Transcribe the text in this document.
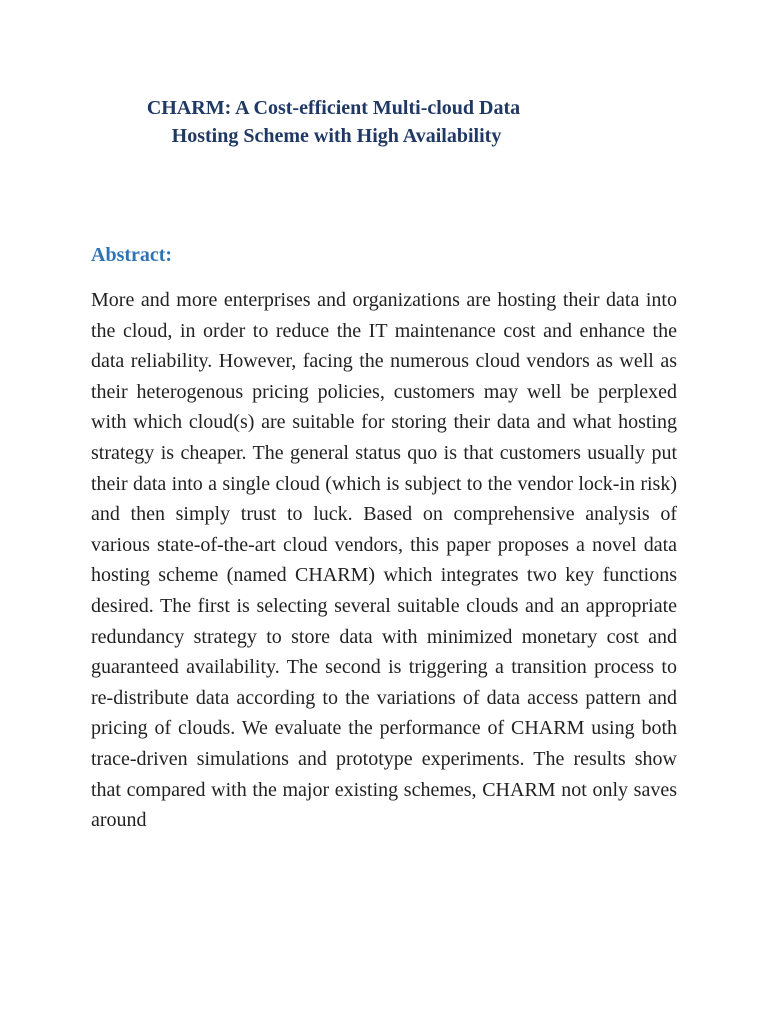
CHARM: A Cost-efficient Multi-cloud Data
Hosting Scheme with High Availability
Abstract:

More and more enterprises and organizations are hosting their data into the cloud, in order to reduce the IT maintenance cost and enhance the data reliability. However, facing the numerous cloud vendors as well as their heterogenous pricing policies, customers may well be perplexed with which cloud(s) are suitable for storing their data and what hosting strategy is cheaper. The general status quo is that customers usually put their data into a single cloud (which is subject to the vendor lock-in risk) and then simply trust to luck. Based on comprehensive analysis of various state-of-the-art cloud vendors, this paper proposes a novel data hosting scheme (named CHARM) which integrates two key functions desired. The first is selecting several suitable clouds and an appropriate redundancy strategy to store data with minimized monetary cost and guaranteed availability. The second is triggering a transition process to re-distribute data according to the variations of data access pattern and pricing of clouds. We evaluate the performance of CHARM using both trace-driven simulations and prototype experiments. The results show that compared with the major existing schemes, CHARM not only saves around
